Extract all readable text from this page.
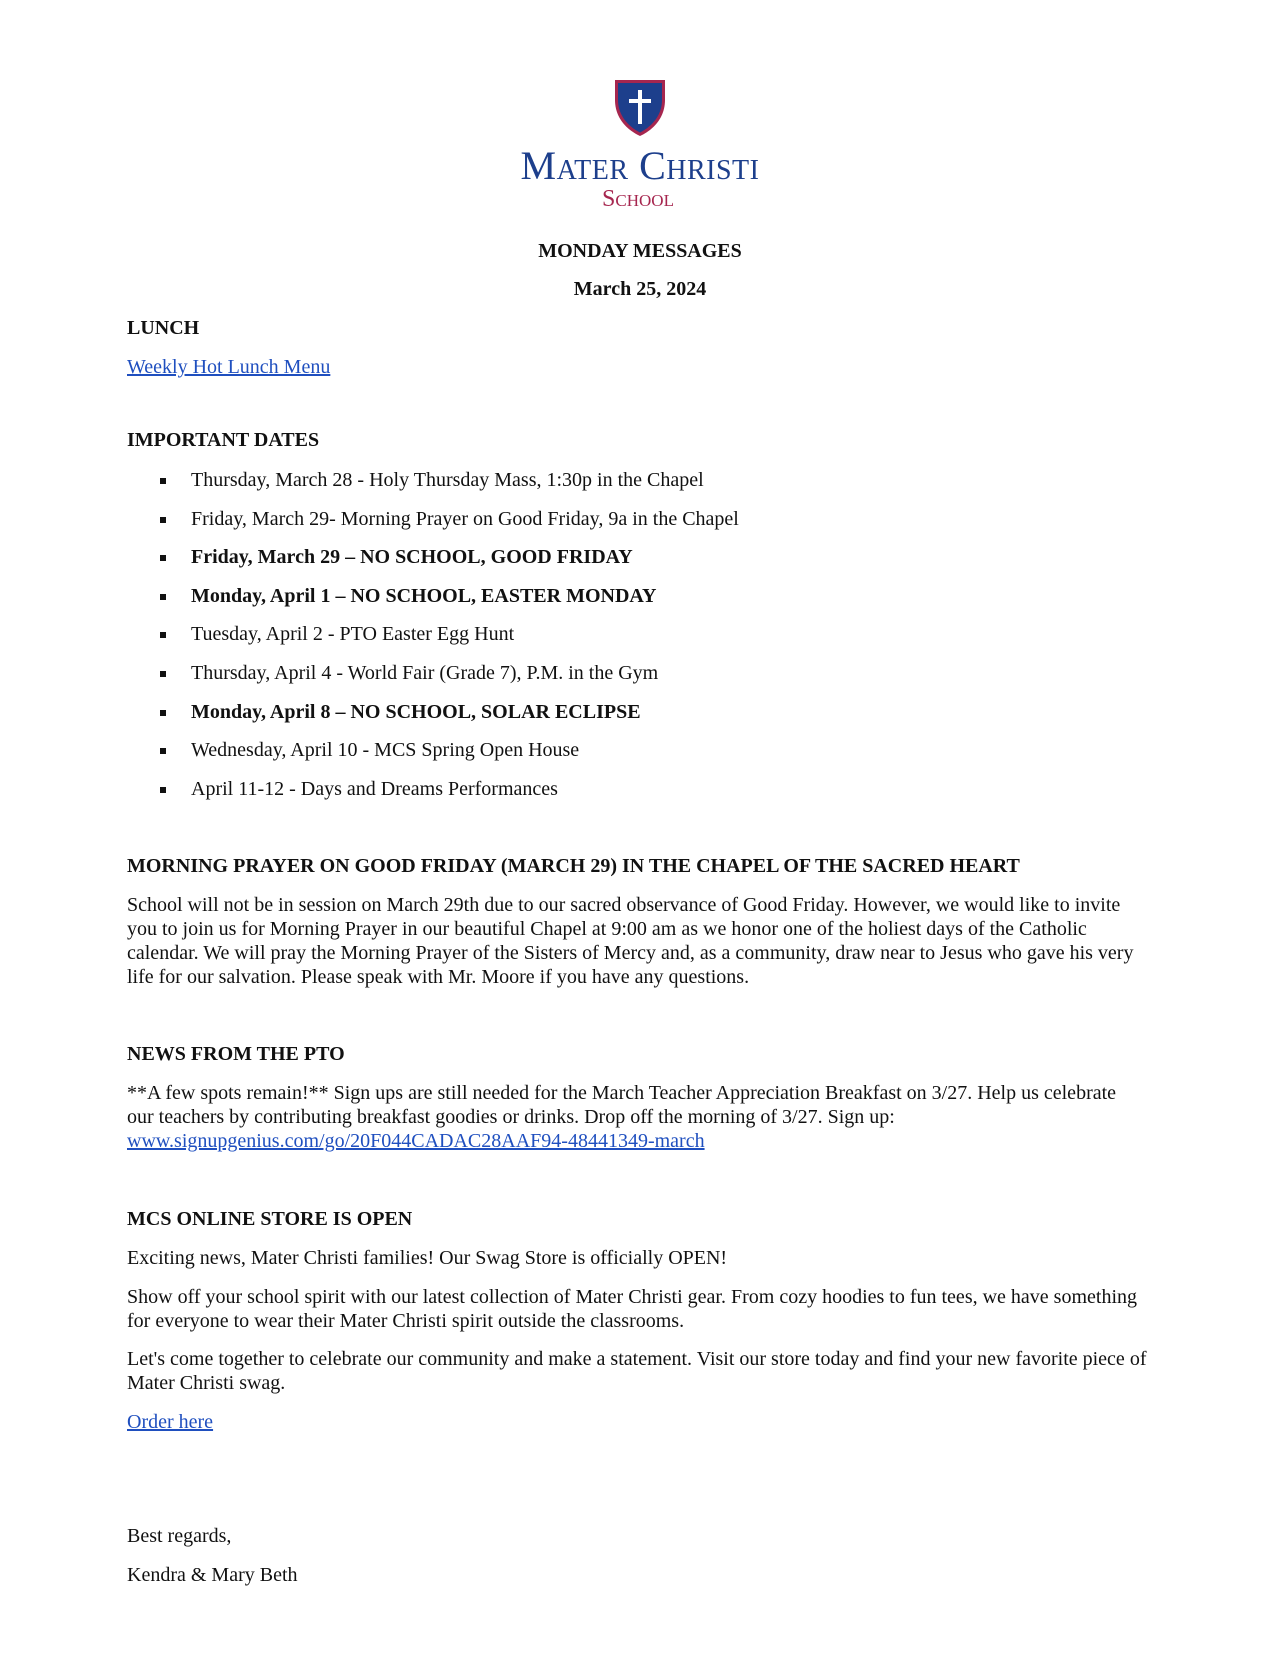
Mater Christi
School
MONDAY MESSAGES
March 25, 2024
LUNCH
Weekly Hot Lunch Menu
IMPORTANT DATES
Thursday, March 28 - Holy Thursday Mass, 1:30p in the Chapel
Friday, March 29- Morning Prayer on Good Friday, 9a in the Chapel
Friday, March 29 – NO SCHOOL, GOOD FRIDAY
Monday, April 1 – NO SCHOOL, EASTER MONDAY
Tuesday, April 2 - PTO Easter Egg Hunt
Thursday, April 4 - World Fair (Grade 7), P.M. in the Gym
Monday, April 8 – NO SCHOOL, SOLAR ECLIPSE
Wednesday, April 10 - MCS Spring Open House
April 11-12 - Days and Dreams Performances
MORNING PRAYER ON GOOD FRIDAY (MARCH 29) IN THE CHAPEL OF THE SACRED HEART

School will not be in session on March 29th due to our sacred observance of Good Friday. However, we would like to invite you to join us for Morning Prayer in our beautiful Chapel at 9:00 am as we honor one of the holiest days of the Catholic calendar. We will pray the Morning Prayer of the Sisters of Mercy and, as a community, draw near to Jesus who gave his very life for our salvation. Please speak with Mr. Moore if you have any questions.

NEWS FROM THE PTO

**A few spots remain!** Sign ups are still needed for the March Teacher Appreciation Breakfast on 3/27. Help us celebrate our teachers by contributing breakfast goodies or drinks. Drop off the morning of 3/27. Sign up:
www.signupgenius.com/go/20F044CADAC28AAF94-48441349-march

MCS ONLINE STORE IS OPEN

Exciting news, Mater Christi families! Our Swag Store is officially OPEN!

Show off your school spirit with our latest collection of Mater Christi gear. From cozy hoodies to fun tees, we have something for everyone to wear their Mater Christi spirit outside the classrooms.

Let's come together to celebrate our community and make a statement. Visit our store today and find your new favorite piece of Mater Christi swag.

Order here

Best regards,

Kendra & Mary Beth
